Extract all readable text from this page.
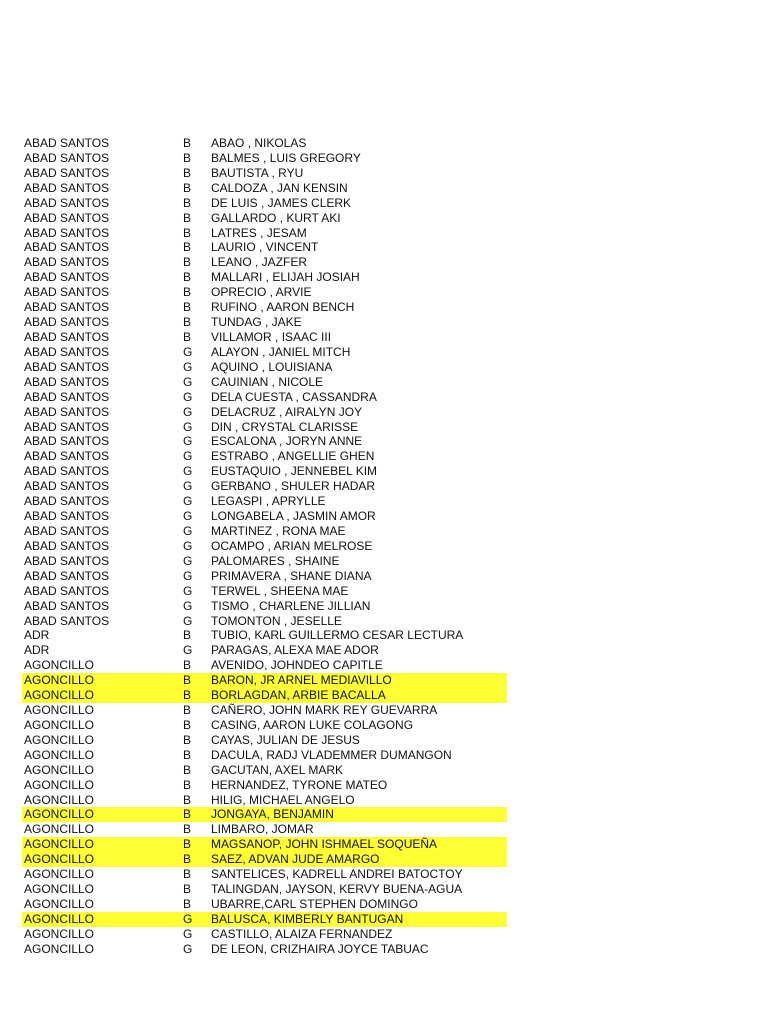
ABAD SANTOS	B	ABAO , NIKOLAS
ABAD SANTOS	B	BALMES , LUIS GREGORY
ABAD SANTOS	B	BAUTISTA , RYU
ABAD SANTOS	B	CALDOZA , JAN KENSIN
ABAD SANTOS	B	DE LUIS , JAMES CLERK
ABAD SANTOS	B	GALLARDO , KURT AKI
ABAD SANTOS	B	LATRES , JESAM
ABAD SANTOS	B	LAURIO , VINCENT
ABAD SANTOS	B	LEANO , JAZFER
ABAD SANTOS	B	MALLARI , ELIJAH JOSIAH
ABAD SANTOS	B	OPRECIO , ARVIE
ABAD SANTOS	B	RUFINO , AARON BENCH
ABAD SANTOS	B	TUNDAG , JAKE
ABAD SANTOS	B	VILLAMOR , ISAAC III
ABAD SANTOS	G	ALAYON , JANIEL MITCH
ABAD SANTOS	G	AQUINO , LOUISIANA
ABAD SANTOS	G	CAUINIAN , NICOLE
ABAD SANTOS	G	DELA CUESTA , CASSANDRA
ABAD SANTOS	G	DELACRUZ , AIRALYN JOY
ABAD SANTOS	G	DIN , CRYSTAL CLARISSE
ABAD SANTOS	G	ESCALONA , JORYN ANNE
ABAD SANTOS	G	ESTRABO , ANGELLIE GHEN
ABAD SANTOS	G	EUSTAQUIO , JENNEBEL KIM
ABAD SANTOS	G	GERBANO , SHULER HADAR
ABAD SANTOS	G	LEGASPI , APRYLLE
ABAD SANTOS	G	LONGABELA , JASMIN AMOR
ABAD SANTOS	G	MARTINEZ , RONA MAE
ABAD SANTOS	G	OCAMPO , ARIAN MELROSE
ABAD SANTOS	G	PALOMARES , SHAINE
ABAD SANTOS	G	PRIMAVERA , SHANE DIANA
ABAD SANTOS	G	TERWEL , SHEENA MAE
ABAD SANTOS	G	TISMO , CHARLENE JILLIAN
ABAD SANTOS	G	TOMONTON , JESELLE
ADR	B	TUBIO, KARL GUILLERMO CESAR LECTURA
ADR	G	PARAGAS, ALEXA MAE ADOR
AGONCILLO	B	AVENIDO, JOHNDEO CAPITLE
AGONCILLO	B	BARON, JR ARNEL MEDIAVILLO
AGONCILLO	B	BORLAGDAN, ARBIE BACALLA
AGONCILLO	B	CAÑERO, JOHN MARK REY GUEVARRA
AGONCILLO	B	CASING, AARON LUKE COLAGONG
AGONCILLO	B	CAYAS, JULIAN DE JESUS
AGONCILLO	B	DACULA, RADJ VLADEMMER DUMANGON
AGONCILLO	B	GACUTAN, AXEL MARK
AGONCILLO	B	HERNANDEZ, TYRONE MATEO
AGONCILLO	B	HILIG, MICHAEL ANGELO
AGONCILLO	B	JONGAYA, BENJAMIN
AGONCILLO	B	LIMBARO, JOMAR
AGONCILLO	B	MAGSANOP, JOHN ISHMAEL SOQUEÑA
AGONCILLO	B	SAEZ, ADVAN JUDE AMARGO
AGONCILLO	B	SANTELICES, KADRELL ANDREI BATOCTOY
AGONCILLO	B	TALINGDAN, JAYSON, KERVY BUENA-AGUA
AGONCILLO	B	UBARRE,CARL STEPHEN DOMINGO
AGONCILLO	G	BALUSCA, KIMBERLY BANTUGAN
AGONCILLO	G	CASTILLO, ALAIZA FERNANDEZ
AGONCILLO	G	DE LEON, CRIZHAIRA JOYCE TABUAC
